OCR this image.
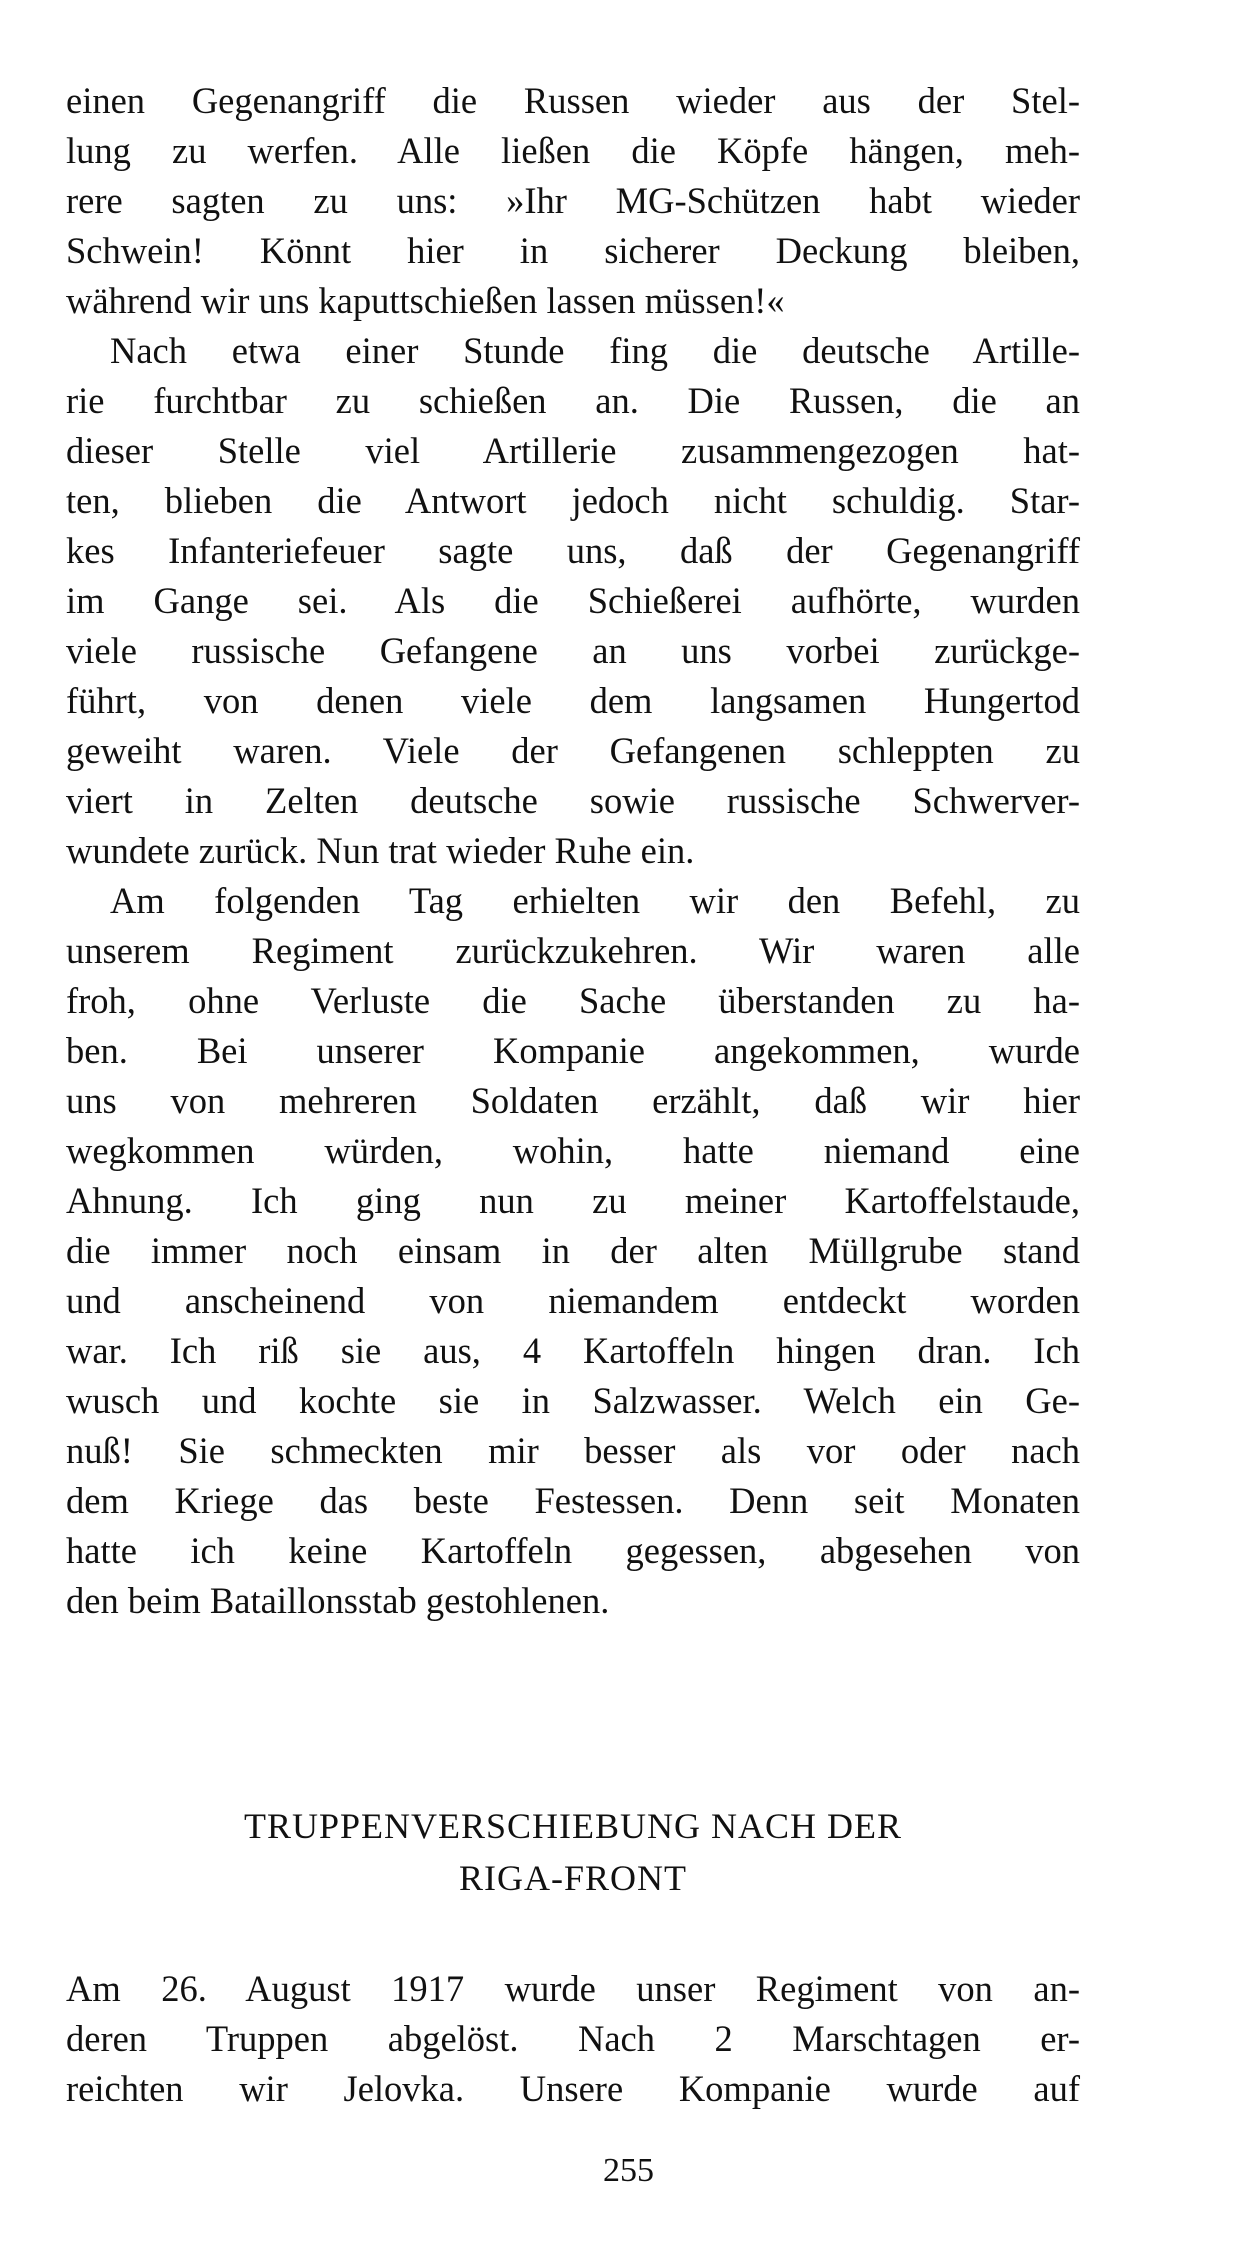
einen Gegenangriff die Russen wieder aus der Stel-
lung zu werfen. Alle ließen die Köpfe hängen, meh-
rere sagten zu uns: »Ihr MG-Schützen habt wieder
Schwein! Könnt hier in sicherer Deckung bleiben,
während wir uns kaputtschießen lassen müssen!«
Nach etwa einer Stunde fing die deutsche Artille-
rie furchtbar zu schießen an. Die Russen, die an
dieser Stelle viel Artillerie zusammengezogen hat-
ten, blieben die Antwort jedoch nicht schuldig. Star-
kes Infanteriefeuer sagte uns, daß der Gegenangriff
im Gange sei. Als die Schießerei aufhörte, wurden
viele russische Gefangene an uns vorbei zurückge-
führt, von denen viele dem langsamen Hungertod
geweiht waren. Viele der Gefangenen schleppten zu
viert in Zelten deutsche sowie russische Schwerver-
wundete zurück. Nun trat wieder Ruhe ein.
Am folgenden Tag erhielten wir den Befehl, zu
unserem Regiment zurückzukehren. Wir waren alle
froh, ohne Verluste die Sache überstanden zu ha-
ben. Bei unserer Kompanie angekommen, wurde
uns von mehreren Soldaten erzählt, daß wir hier
wegkommen würden, wohin, hatte niemand eine
Ahnung. Ich ging nun zu meiner Kartoffelstaude,
die immer noch einsam in der alten Müllgrube stand
und anscheinend von niemandem entdeckt worden
war. Ich riß sie aus, 4 Kartoffeln hingen dran. Ich
wusch und kochte sie in Salzwasser. Welch ein Ge-
nuß! Sie schmeckten mir besser als vor oder nach
dem Kriege das beste Festessen. Denn seit Monaten
hatte ich keine Kartoffeln gegessen, abgesehen von
den beim Bataillonsstab gestohlenen.
TRUPPENVERSCHIEBUNG NACH DER
RIGA-FRONT
Am 26. August 1917 wurde unser Regiment von an-
deren Truppen abgelöst. Nach 2 Marschtagen er-
reichten wir Jelovka. Unsere Kompanie wurde auf
255
